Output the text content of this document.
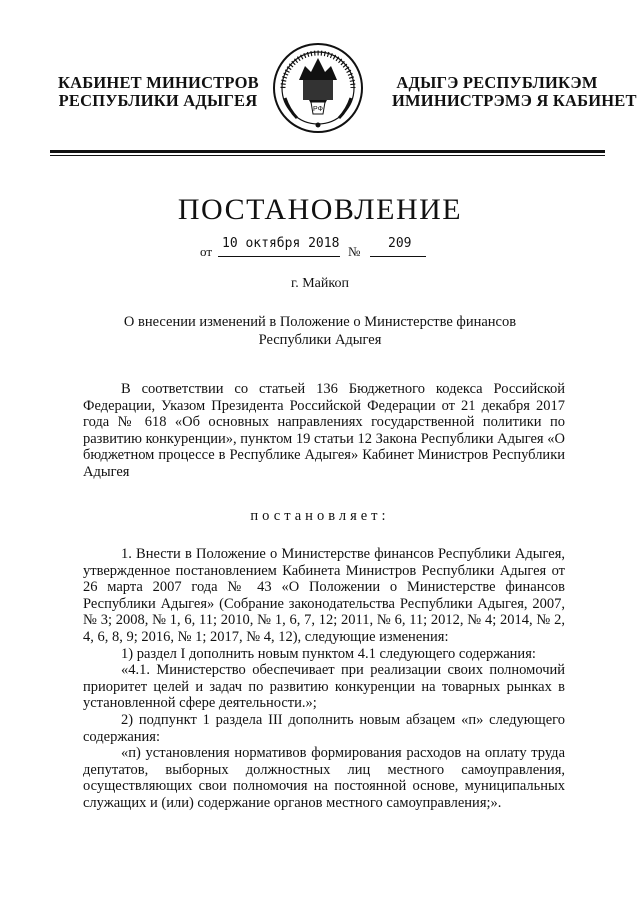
КАБИНЕТ МИНИСТРОВ
РЕСПУБЛИКИ АДЫГЕЯ	РФ
АДЫГЭ РЕСПУБЛИКЭМ
ИМИНИСТРЭМЭ Я КАБИНЕТ
ПОСТАНОВЛЕНИЕ
от
10 октября 2018
№
209
г. Майкоп
О внесении изменений в Положение о Министерстве финансов
Республики Адыгея

В соответствии со статьей 136 Бюджетного кодекса Российской Федерации, Указом Президента Российской Федерации от 21 декабря 2017 года № 618 «Об основных направлениях государственной политики по развитию конкуренции», пунктом 19 статьи 12 Закона Республики Адыгея «О бюджетном процессе в Республике Адыгея» Кабинет Министров Республики Адыгея

постановляет:

1. Внести в Положение о Министерстве финансов Республики Адыгея, утвержденное постановлением Кабинета Министров Республики Адыгея от 26 марта 2007 года № 43 «О Положении о Министерстве финансов Республики Адыгея» (Собрание законодательства Республики Адыгея, 2007, № 3; 2008, № 1, 6, 11; 2010, № 1, 6, 7, 12; 2011, № 6, 11; 2012, № 4; 2014, № 2, 4, 6, 8, 9; 2016, № 1; 2017, № 4, 12), следующие изменения:

1) раздел I дополнить новым пунктом 4.1 следующего содержания:

«4.1. Министерство обеспечивает при реализации своих полномочий приоритет целей и задач по развитию конкуренции на товарных рынках в установленной сфере деятельности.»;

2) подпункт 1 раздела III дополнить новым абзацем «п» следующего содержания:

«п) установления нормативов формирования расходов на оплату труда депутатов, выборных должностных лиц местного самоуправления, осуществляющих свои полномочия на постоянной основе, муниципальных служащих и (или) содержание органов местного самоуправления;».
